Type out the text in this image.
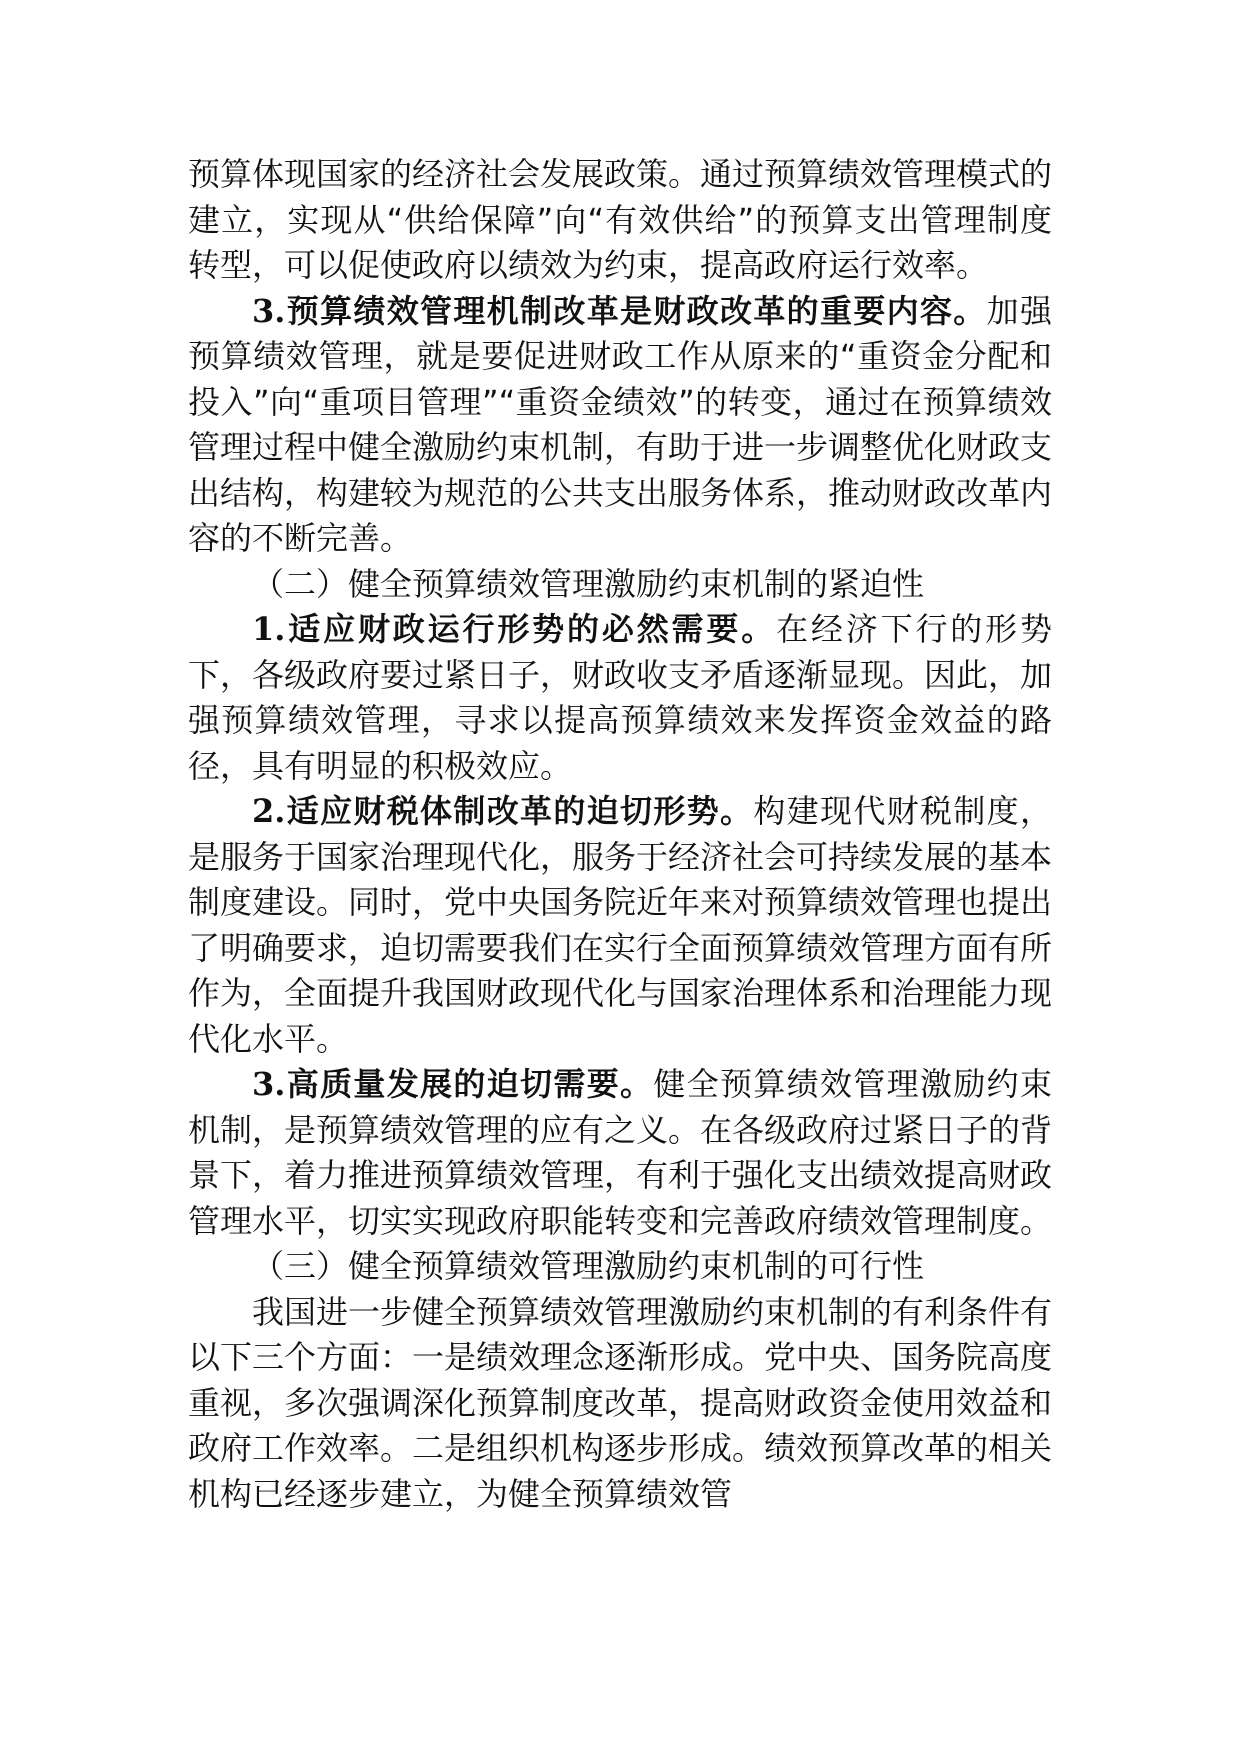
预算体现国家的经济社会发展政策。通过预算绩效管理模式的建立，实现从“供给保障”向“有效供给”的预算支出管理制度转型，可以促使政府以绩效为约束，提高政府运行效率。

3.预算绩效管理机制改革是财政改革的重要内容。加强预算绩效管理，就是要促进财政工作从原来的“重资金分配和投入”向“重项目管理”“重资金绩效”的转变，通过在预算绩效管理过程中健全激励约束机制，有助于进一步调整优化财政支出结构，构建较为规范的公共支出服务体系，推动财政改革内容的不断完善。

（二）健全预算绩效管理激励约束机制的紧迫性

1.适应财政运行形势的必然需要。在经济下行的形势下，各级政府要过紧日子，财政收支矛盾逐渐显现。因此，加强预算绩效管理，寻求以提高预算绩效来发挥资金效益的路径，具有明显的积极效应。

2.适应财税体制改革的迫切形势。构建现代财税制度，是服务于国家治理现代化，服务于经济社会可持续发展的基本制度建设。同时，党中央国务院近年来对预算绩效管理也提出了明确要求，迫切需要我们在实行全面预算绩效管理方面有所作为，全面提升我国财政现代化与国家治理体系和治理能力现代化水平。

3.高质量发展的迫切需要。健全预算绩效管理激励约束机制，是预算绩效管理的应有之义。在各级政府过紧日子的背景下，着力推进预算绩效管理，有利于强化支出绩效提高财政管理水平，切实实现政府职能转变和完善政府绩效管理制度。

（三）健全预算绩效管理激励约束机制的可行性

我国进一步健全预算绩效管理激励约束机制的有利条件有以下三个方面：一是绩效理念逐渐形成。党中央、国务院高度重视，多次强调深化预算制度改革，提高财政资金使用效益和政府工作效率。二是组织机构逐步形成。绩效预算改革的相关机构已经逐步建立，为健全预算绩效管
